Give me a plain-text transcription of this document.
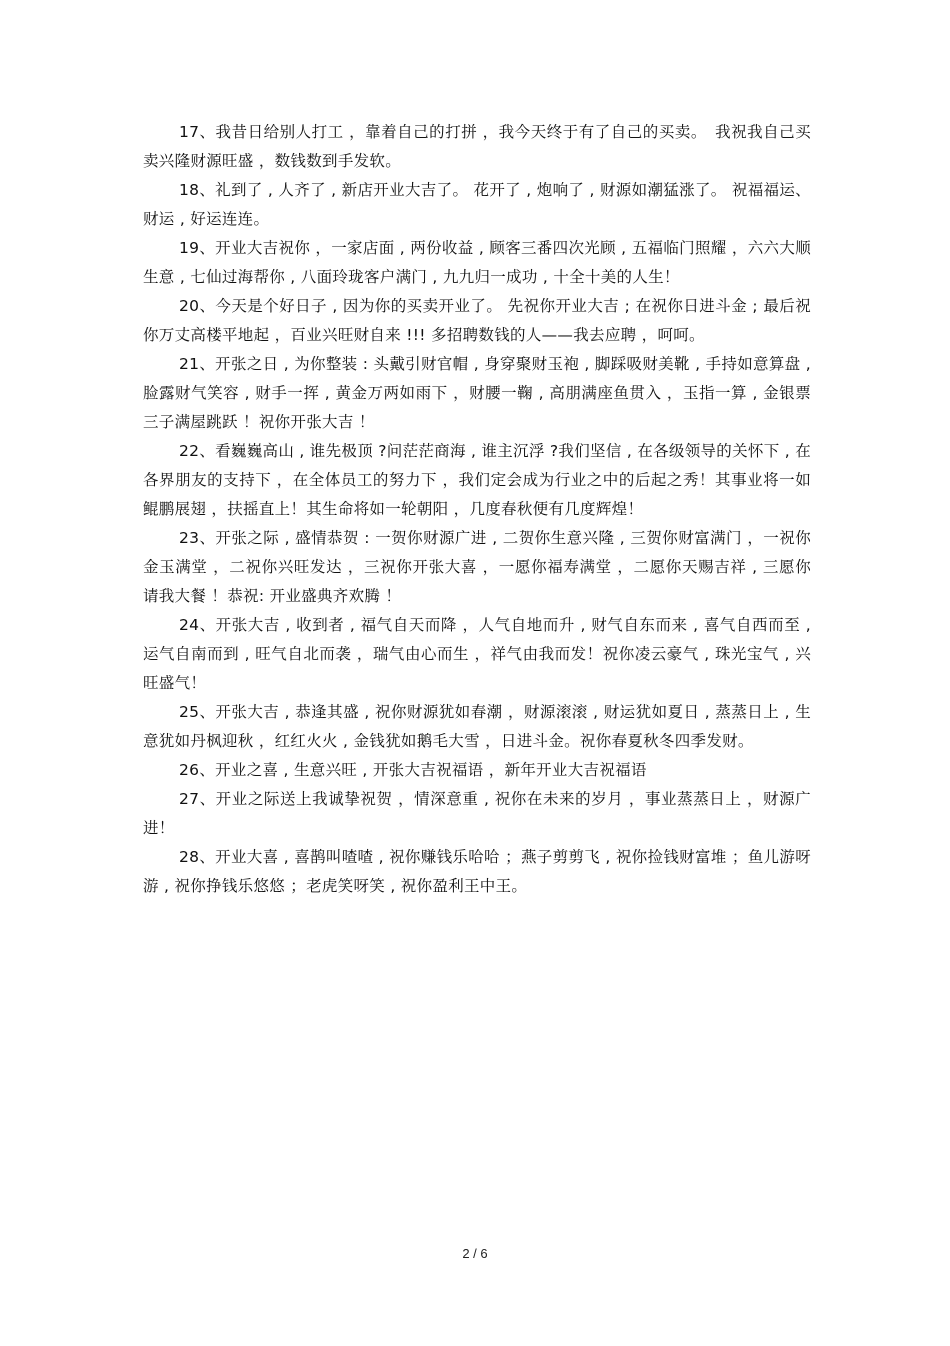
17、我昔日给别人打工 ，靠着自己的打拼 ，我今天终于有了自己的买卖。　我祝我自己买卖兴隆财源旺盛 ，数钱数到手发软。

18、礼到了 , 人齐了 , 新店开业大吉了。 花开了 , 炮响了 , 财源如潮猛涨了。 祝福福运、财运 , 好运连连。

19、开业大吉祝你 ，一家店面 , 两份收益 , 顾客三番四次光顾 , 五福临门照耀 ，六六大顺生意 , 七仙过海帮你 , 八面玲珑客户满门 , 九九归一成功 , 十全十美的人生！

20、今天是个好日子 , 因为你的买卖开业了。 先祝你开业大吉 ; 在祝你日进斗金 ; 最后祝你万丈高楼平地起 ，百业兴旺财自来 !!! 多招聘数钱的人——我去应聘 ，呵呵。

21、开张之日 , 为你整装 : 头戴引财官帽 , 身穿聚财玉袍 , 脚踩吸财美靴 , 手持如意算盘 , 脸露财气笑容 , 财手一挥 , 黄金万两如雨下 ，财腰一鞠 , 高朋满座鱼贯入 ，玉指一算 , 金银票三子满屋跳跃 ！祝你开张大吉 ！

22、看巍巍高山 , 谁先极顶 ?问茫茫商海 , 谁主沉浮 ?我们坚信 , 在各级领导的关怀下 , 在各界朋友的支持下 ，在全体员工的努力下 ，我们定会成为行业之中的后起之秀！其事业将一如鲲鹏展翅 ，扶摇直上！其生命将如一轮朝阳 ，几度春秋便有几度辉煌！

23、开张之际 , 盛情恭贺 : 一贺你财源广进 , 二贺你生意兴隆 , 三贺你财富满门 ，一祝你金玉满堂 ，二祝你兴旺发达 ，三祝你开张大喜 ，一愿你福寿满堂 ，二愿你天赐吉祥 , 三愿你请我大餐 ！恭祝: 开业盛典齐欢腾 ！

24、开张大吉 , 收到者 , 福气自天而降 ，人气自地而升 , 财气自东而来 , 喜气自西而至 , 运气自南而到 , 旺气自北而袭 ，瑞气由心而生 ，祥气由我而发！祝你凌云豪气 , 珠光宝气 , 兴旺盛气！

25、开张大吉 , 恭逢其盛 , 祝你财源犹如春潮 ，财源滚滚 , 财运犹如夏日 , 蒸蒸日上 , 生意犹如丹枫迎秋 ，红红火火 , 金钱犹如鹅毛大雪 ，日进斗金。祝你春夏秋冬四季发财。

26、开业之喜 , 生意兴旺 , 开张大吉祝福语 ，新年开业大吉祝福语

27、开业之际送上我诚挚祝贺 ，情深意重 , 祝你在未来的岁月 ，事业蒸蒸日上 ，财源广进！

28、开业大喜 , 喜鹊叫喳喳 , 祝你赚钱乐哈哈 ；燕子剪剪飞 , 祝你捡钱财富堆 ；鱼儿游呀游 , 祝你挣钱乐悠悠 ；老虎笑呀笑 , 祝你盈利王中王。

2 / 6
